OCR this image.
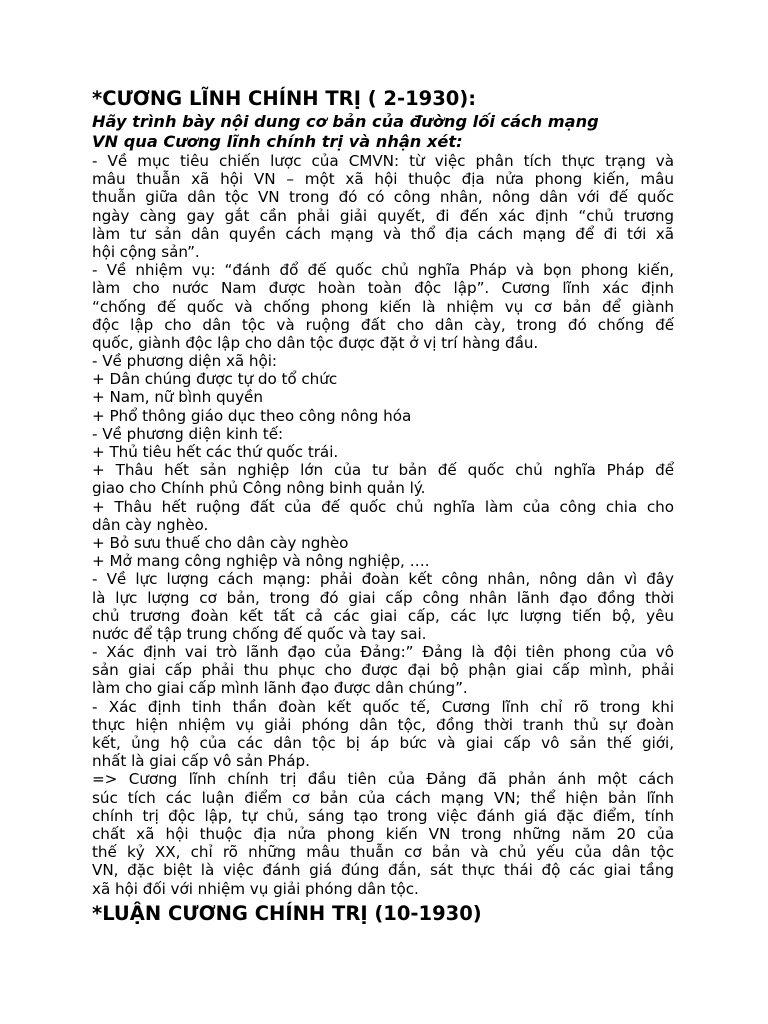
*CƯƠNG LĨNH CHÍNH TRỊ ( 2-1930):
Hãy trình bày nội dung cơ bản của đường lối cách mạng
VN qua Cương lĩnh chính trị và nhận xét:
- Về mục tiêu chiến lược của CMVN: từ việc phân tích thực trạng và
mâu thuẫn xã hội VN – một xã hội thuộc địa nửa phong kiến, mâu
thuẫn giữa dân tộc VN trong đó có công nhân, nông dân với đế quốc
ngày càng gay gắt cần phải giải quyết, đi đến xác định “chủ trương
làm tư sản dân quyền cách mạng và thổ địa cách mạng để đi tới xã
hội cộng sản”.
- Về nhiệm vụ: “đánh đổ đế quốc chủ nghĩa Pháp và bọn phong kiến,
làm cho nước Nam được hoàn toàn độc lập”. Cương lĩnh xác định
“chống đế quốc và chống phong kiến là nhiệm vụ cơ bản để giành
độc lập cho dân tộc và ruộng đất cho dân cày, trong đó chống đế
quốc, giành độc lập cho dân tộc được đặt ở vị trí hàng đầu.
- Về phương diện xã hội:
+ Dân chúng được tự do tổ chức
+ Nam, nữ bình quyền
+ Phổ thông giáo dục theo công nông hóa
- Về phương diện kinh tế:
+ Thủ tiêu hết các thứ quốc trái.
+ Thâu hết sản nghiệp lớn của tư bản đế quốc chủ nghĩa Pháp để
giao cho Chính phủ Công nông binh quản lý.
+ Thâu hết ruộng đất của đế quốc chủ nghĩa làm của công chia cho
dân cày nghèo.
+ Bỏ sưu thuế cho dân cày nghèo
+ Mở mang công nghiệp và nông nghiệp, ….
- Về lực lượng cách mạng: phải đoàn kết công nhân, nông dân vì đây
là lực lượng cơ bản, trong đó giai cấp công nhân lãnh đạo đồng thời
chủ trương đoàn kết tất cả các giai cấp, các lực lượng tiến bộ, yêu
nước để tập trung chống đế quốc và tay sai.
- Xác định vai trò lãnh đạo của Đảng:” Đảng là đội tiên phong của vô
sản giai cấp phải thu phục cho được đại bộ phận giai cấp mình, phải
làm cho giai cấp mình lãnh đạo được dân chúng”.
- Xác định tinh thần đoàn kết quốc tế, Cương lĩnh chỉ rõ trong khi
thực hiện nhiệm vụ giải phóng dân tộc, đồng thời tranh thủ sự đoàn
kết, ủng hộ của các dân tộc bị áp bức và giai cấp vô sản thế giới,
nhất là giai cấp vô sản Pháp.
=> Cương lĩnh chính trị đầu tiên của Đảng đã phản ánh một cách
súc tích các luận điểm cơ bản của cách mạng VN; thể hiện bản lĩnh
chính trị độc lập, tự chủ, sáng tạo trong việc đánh giá đặc điểm, tính
chất xã hội thuộc địa nửa phong kiến VN trong những năm 20 của
thế kỷ XX, chỉ rõ những mâu thuẫn cơ bản và chủ yếu của dân tộc
VN, đặc biệt là việc đánh giá đúng đắn, sát thực thái độ các giai tầng
xã hội đối với nhiệm vụ giải phóng dân tộc.
*LUẬN CƯƠNG CHÍNH TRỊ (10-1930)
